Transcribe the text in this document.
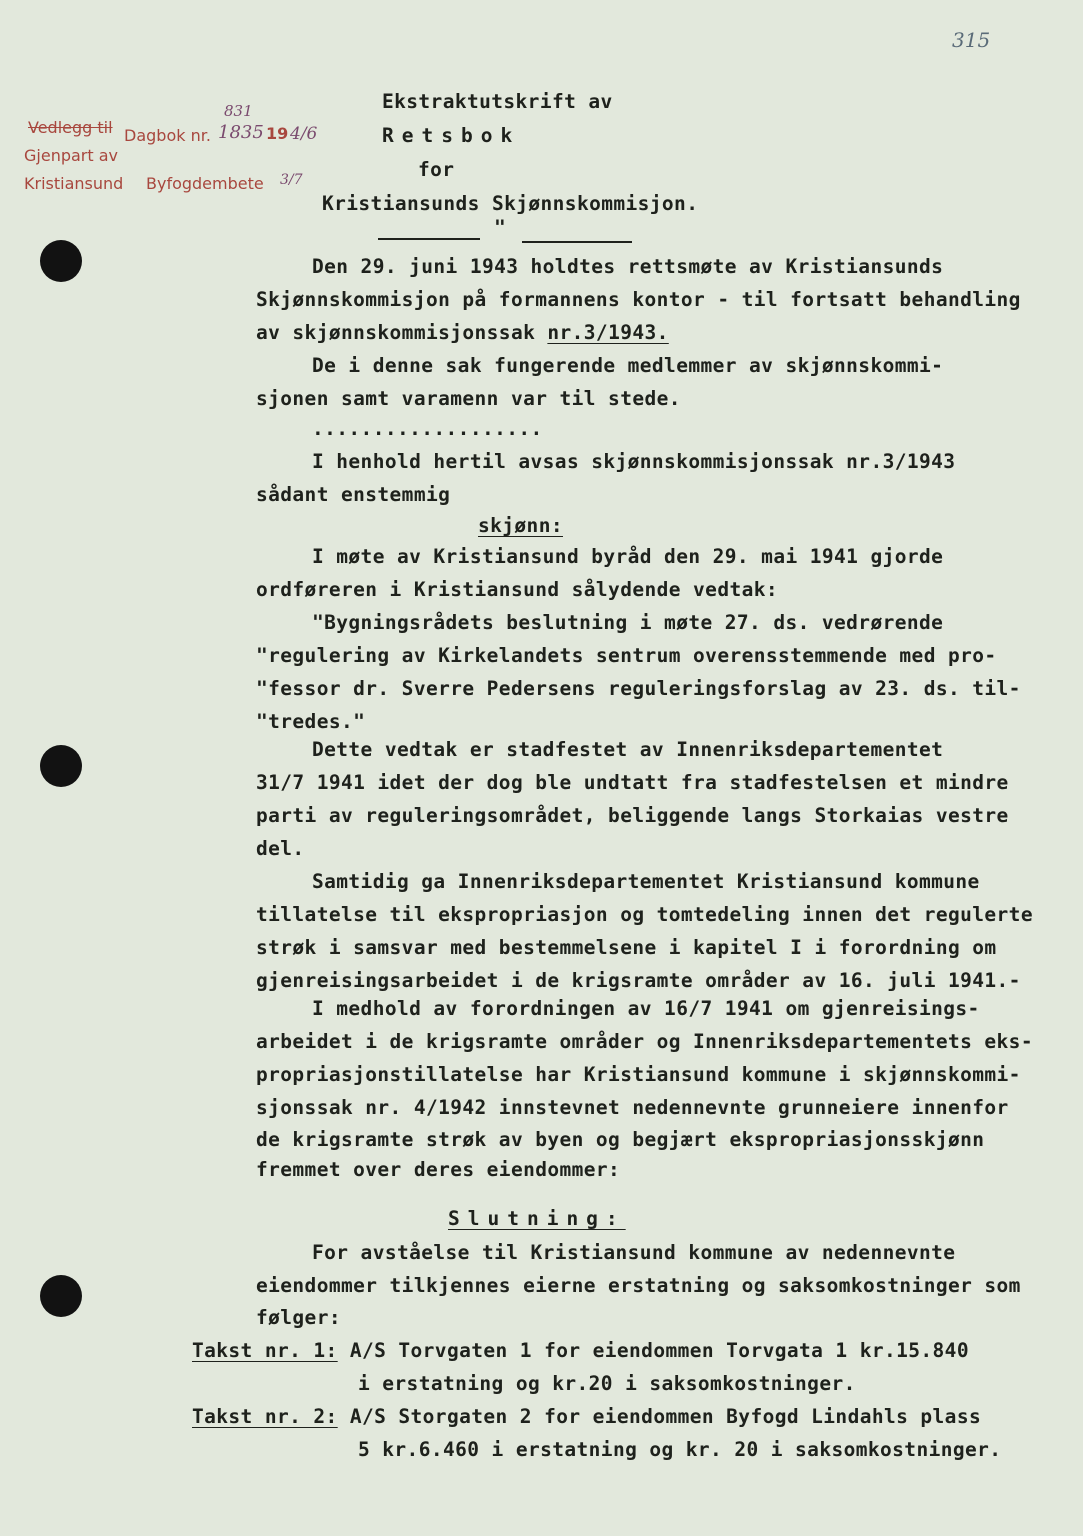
315
Vedlegg til Dagbok nr.
831
1835 19 4/6
3/7
Gjenpart av
Kristiansund Byfogdembete
Ekstraktutskrift av
Retsbok
for
Kristiansunds Skjønnskommisjon.
"
Den 29. juni 1943 holdtes rettsmøte av Kristiansunds
Skjønnskommisjon på formannens kontor - til fortsatt behandling
av skjønnskommisjonssak nr.3/1943.
De i denne sak fungerende medlemmer av skjønnskommi-
sjonen samt varamenn var til stede.
...................
I henhold hertil avsas skjønnskommisjonssak nr.3/1943
sådant enstemmig
skjønn:
I møte av Kristiansund byråd den 29. mai 1941 gjorde
ordføreren i Kristiansund sålydende vedtak:
"Bygningsrådets beslutning i møte 27. ds. vedrørende
"regulering av Kirkelandets sentrum overensstemmende med pro-
"fessor dr. Sverre Pedersens reguleringsforslag av 23. ds. til-
"tredes."
Dette vedtak er stadfestet av Innenriksdepartementet
31/7 1941 idet der dog ble undtatt fra stadfestelsen et mindre
parti av reguleringsområdet, beliggende langs Storkaias vestre
del.
Samtidig ga Innenriksdepartementet Kristiansund kommune
tillatelse til ekspropriasjon og tomtedeling innen det regulerte
strøk i samsvar med bestemmelsene i kapitel I i forordning om
gjenreisingsarbeidet i de krigsramte områder av 16. juli 1941.-
I medhold av forordningen av 16/7 1941 om gjenreisings-
arbeidet i de krigsramte områder og Innenriksdepartementets eks-
propriasjonstillatelse har Kristiansund kommune i skjønnskommi-
sjonssak nr. 4/1942 innstevnet nedennevnte grunneiere innenfor
de krigsramte strøk av byen og begjært ekspropriasjonsskjønn
fremmet over deres eiendommer:
Slutning:
For avståelse til Kristiansund kommune av nedennevnte
eiendommer tilkjennes eierne erstatning og saksomkostninger som
følger:
Takst nr. 1: A/S Torvgaten 1 for eiendommen Torvgata 1 kr.15.840
i erstatning og kr.20 i saksomkostninger.
Takst nr. 2: A/S Storgaten 2 for eiendommen Byfogd Lindahls plass
5 kr.6.460 i erstatning og kr. 20 i saksomkostninger.
